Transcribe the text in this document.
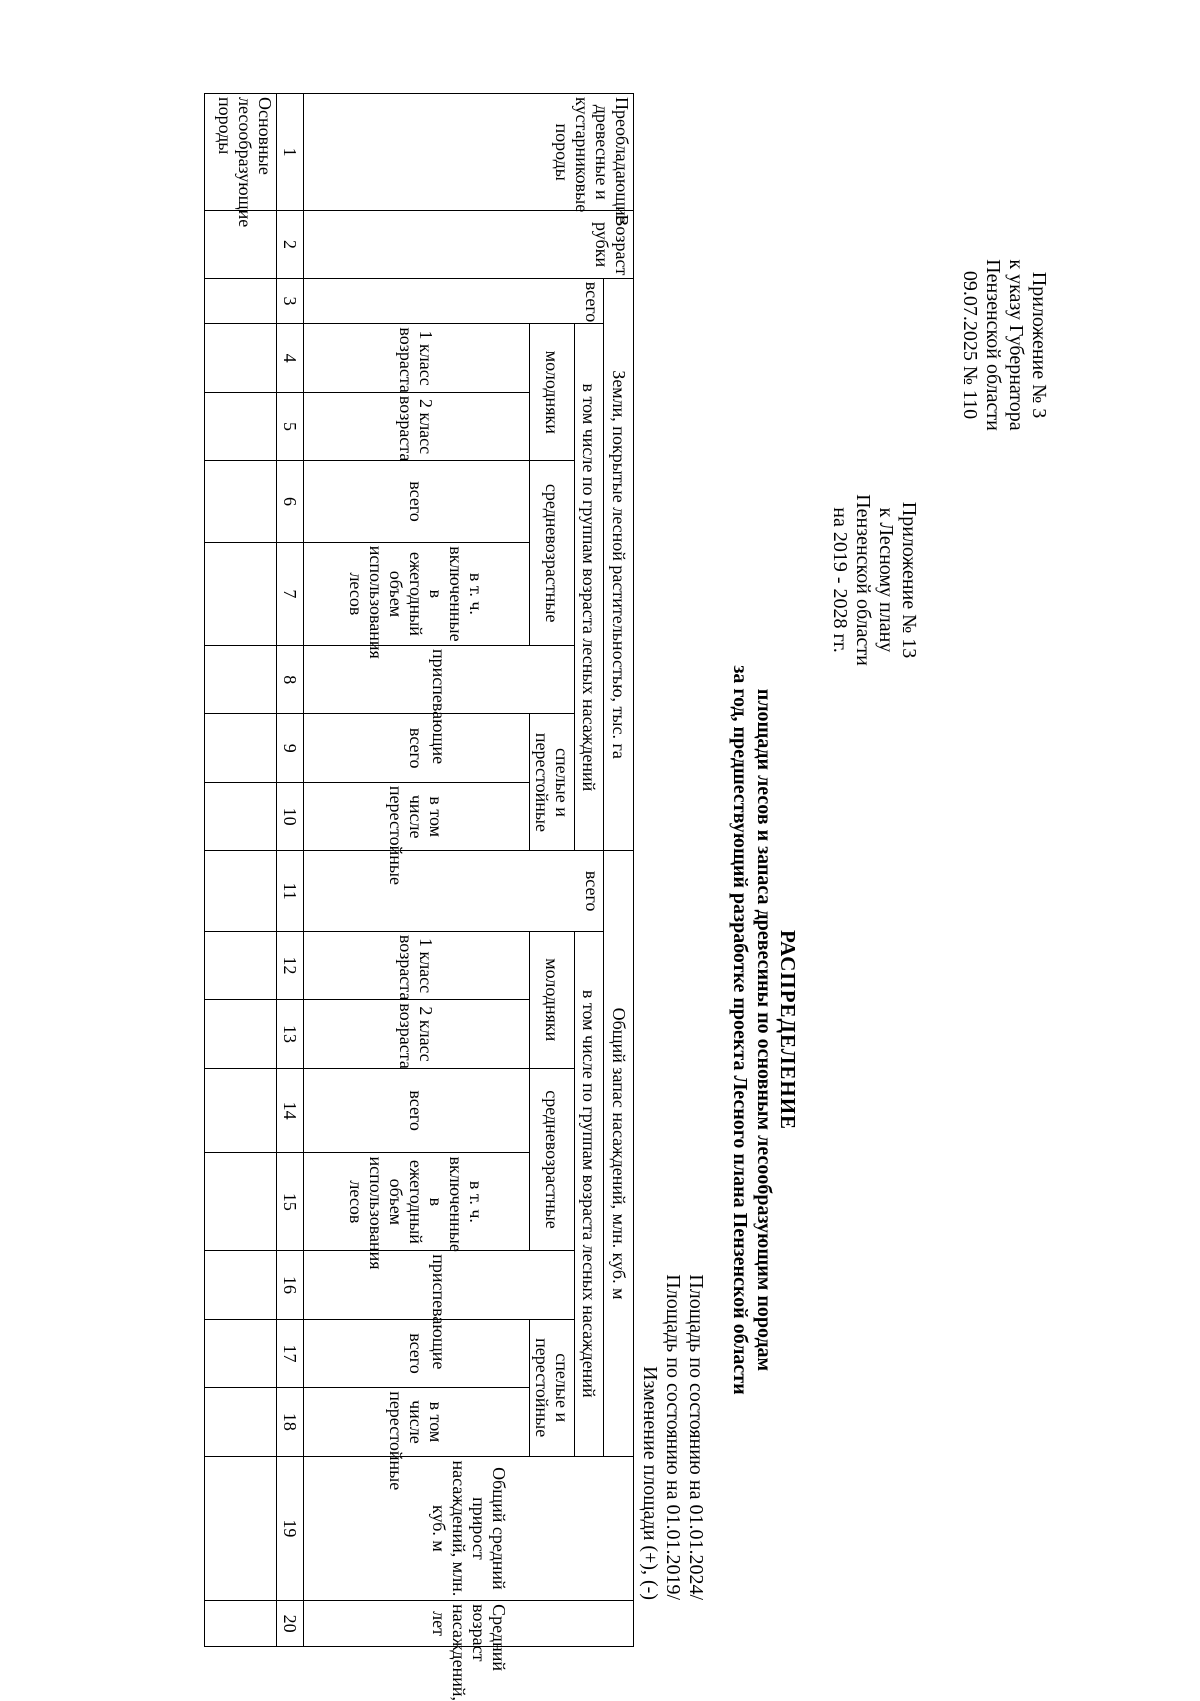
Приложение № 3
к указу Губернатора
Пензенской области
09.07.2025 № 110
Приложение № 13
к Лесному плану
Пензенской области
на 2019 - 2028 гг.
РАСПРЕДЕЛЕНИЕ
площади лесов и запаса древесины по основным лесообразующим породам
за год, предшествующий разработке проекта Лесного плана Пензенской области
Площадь по состоянию на 01.01.2024/
Площадь по состоянию на 01.01.2019/
Изменение площади (+), (-)
Преобладающие древесные и кустарниковые породы	Возраст рубки	Земли, покрытые лесной растительностью, тыс. га								Общий запас насаждений, млн. куб. м								Общий средний прирост насаждений, млн. куб. м	Средний возраст насаждений, лет
		всего	в том числе по группам возраста лесных насаждений							всего	в том числе по группам возраста лесных насаждений								
			молодняки		средневозрастные		приспевающие	спелые и перестойные			молодняки		средневозрастные		приспевающие	спелые и перестойные			
			1 класс возраста	2 класс возраста	всего	в т. ч. включенные в ежегодный объем использования лесов		всего	в том числе перестойные		1 класс возраста	2 класс возраста	всего	в т. ч. включенные в ежегодный объем использования лесов		всего	в том числе перестойные		

1	2	3	4	5	6	7	8	9	10	11	12	13	14	15	16	17	18	19	20
Основные лесообразующие породы																			
